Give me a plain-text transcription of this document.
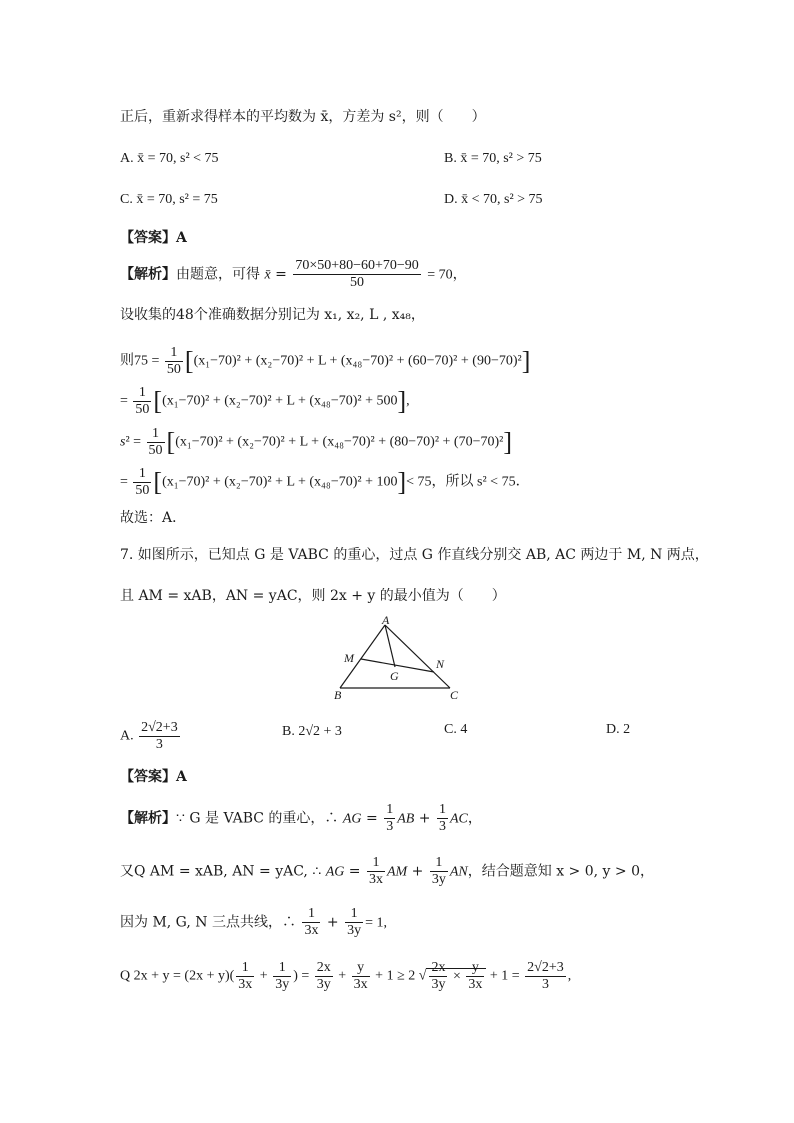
正后，重新求得样本的平均数为 x̄，方差为 s²，则（　　）
A. x̄ = 70, s² < 75	B. x̄ = 70, s² > 75
C. x̄ = 70, s² = 75	D. x̄ < 70, s² > 75
【答案】A
【解析】由题意，可得 x̄ = $\frac{70\times 50+80-60+70-90}{50} = 70$，
设收集的48个准确数据分别记为 x₁, x₂, L , x₄₈，
则$75 = \frac{1}{50} [(x_1-70)^2 + (x_2-70)^2 + L + (x_{48}-70)^2 + (60-70)^2 + (90-70)^2]$
= $\frac{1}{50} [(x_1-70)^2 + (x_2-70)^2 + L + (x_{48}-70)^2 + 500]$,
$s^2 = \frac{1}{50} [(x_1-70)^2 + (x_2-70)^2 + L + (x_{48}-70)^2 + (80-70)^2 + (70-70)^2]$
= $\frac{1}{50} [(x_1-70)^2 + (x_2-70)^2 + L + (x_{48}-70)^2 + 100]< 75$，所以 s² < 75．
故选：A．
7. 如图所示，已知点 G 是 VABC 的重心，过点 G 作直线分别交 AB, AC 两边于 M, N 两点，
且 AM = xAB，AN = yAC，则 2x + y 的最小值为（　　）
A
M	N
G
B	C
A. $\frac{2√2+3}{3}$	B. 2√2 + 3	C. 4	D. 2
【答案】A
【解析】∵ G 是 VABC 的重心，∴ AG = $\frac{1}{3}$ AB + $\frac{1}{3}$ AC，
又Q AM = xAB, AN = yAC, ∴ AG = $\frac{1}{3x}$ AM + $\frac{1}{3y}$ AN，结合题意知 x > 0, y > 0，
因为 M, G, N 三点共线，∴ $\frac{1}{3x} + \frac{1}{3y} = 1$,
Q $2x + y = (2x + y)( \frac{1}{3x} + \frac{1}{3y}$ ) = $\frac{2x}{3y} + \frac{y}{3x} + 1 \ge 2$ √ $\frac{2x}{3y} \times \frac{y}{3x} + 1 = \frac{2√2+3}{3}$ ,
